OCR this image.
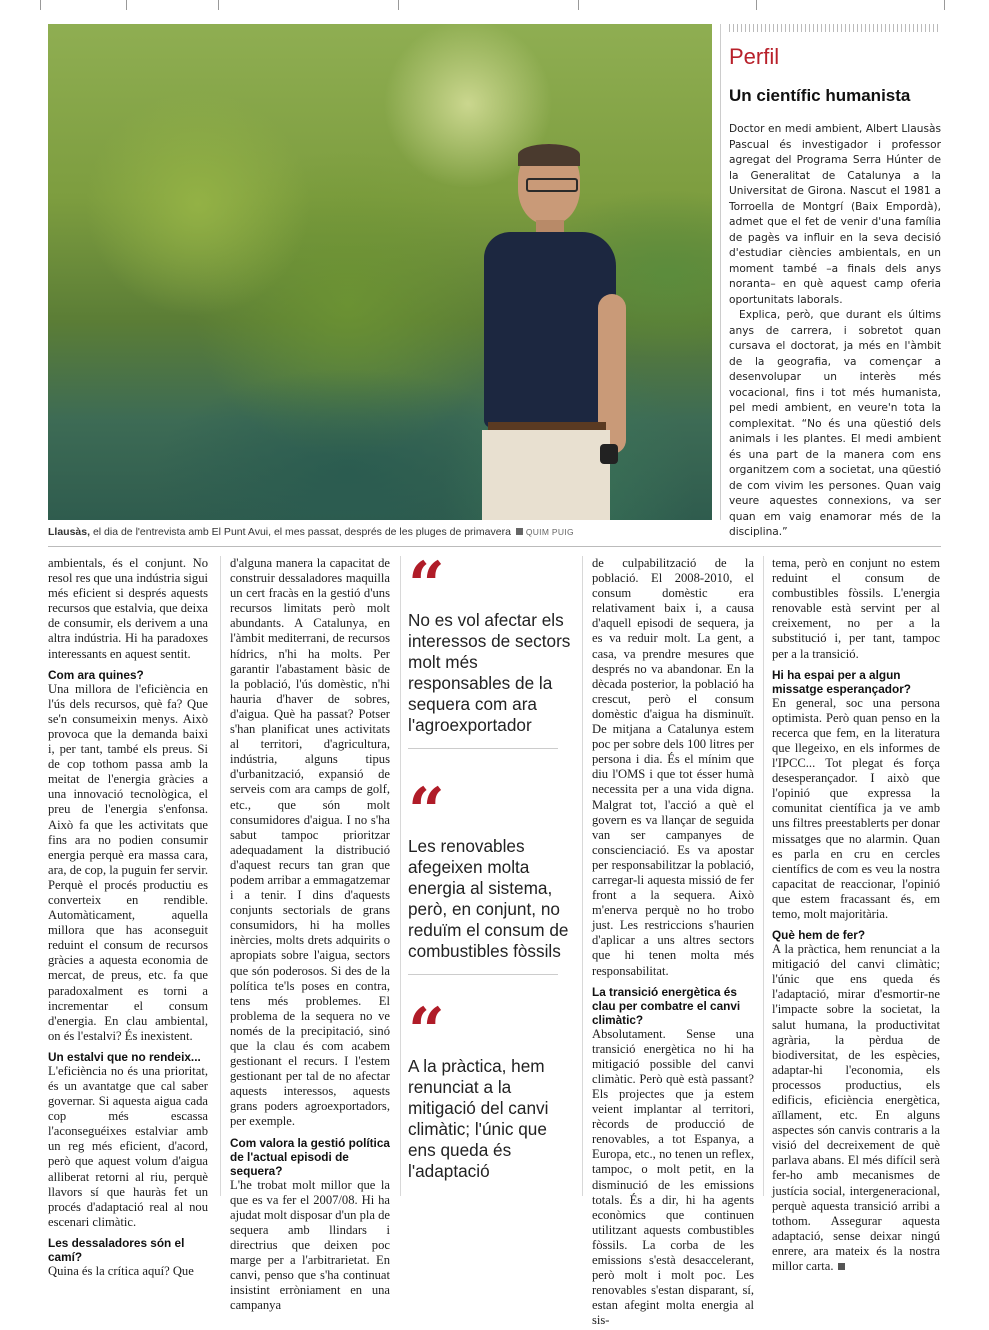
Llausàs, el dia de l'entrevista amb El Punt Avui, el mes passat, després de les pluges de primavera QUIM PUIG
Perfil
Un científic humanista

Doctor en medi ambient, Albert Llausàs Pascual és investigador i professor agregat del Programa Serra Húnter de la Generalitat de Catalunya a la Universitat de Girona. Nascut el 1981 a Torroella de Montgrí (Baix Empordà), admet que el fet de venir d'una família de pagès va influir en la seva decisió d'estudiar ciències ambientals, en un moment també –a finals dels anys noranta– en què aquest camp oferia oportunitats laborals.

Explica, però, que durant els últims anys de carrera, i sobretot quan cursava el doctorat, ja més en l'àmbit de la geografia, va començar a desenvolupar un interès més vocacional, fins i tot més humanista, pel medi ambient, en veure'n tota la complexitat. “No és una qüestió dels animals i les plantes. El medi ambient és una part de la manera com ens organitzem com a societat, una qüestió de com vivim les persones. Quan vaig veure aquestes connexions, va ser quan em vaig enamorar més de la disciplina.”

ambientals, és el conjunt. No resol res que una indústria sigui més eficient si després aquests recursos que estalvia, que deixa de consumir, els derivem a una altra indústria. Hi ha paradoxes interessants en aquest sentit.

Com ara quines?

Una millora de l'eficiència en l'ús dels recursos, què fa? Que se'n consumeixin menys. Això provoca que la demanda baixi i, per tant, també els preus. Si de cop tothom passa amb la meitat de l'energia gràcies a una innovació tecnològica, el preu de l'energia s'enfonsa. Això fa que les activitats que fins ara no podien consumir energia perquè era massa cara, ara, de cop, la puguin fer servir. Perquè el procés productiu es converteix en rendible. Automàticament, aquella millora que has aconseguit reduint el consum de recursos gràcies a aquesta economia de mercat, de preus, etc. fa que paradoxalment es torni a incrementar el consum d'energia. En clau ambiental, on és l'estalvi? És inexistent.

Un estalvi que no rendeix...

L'eficiència no és una prioritat, és un avantatge que cal saber governar. Si aquesta aigua cada cop més escassa l'aconseguéixes estalviar amb un reg més eficient, d'acord, però que aquest volum d'aigua alliberat retorni al riu, perquè llavors sí que hauràs fet un procés d'adaptació real al nou escenari climàtic.

Les dessaladores són el camí?

Quina és la crítica aquí? Que

d'alguna manera la capacitat de construir dessaladores maquilla un cert fracàs en la gestió d'uns recursos limitats però molt abundants. A Catalunya, en l'àmbit mediterrani, de recursos hídrics, n'hi ha molts. Per garantir l'abastament bàsic de la població, l'ús domèstic, n'hi hauria d'haver de sobres, d'aigua. Què ha passat? Potser s'han planificat unes activitats al territori, d'agricultura, indústria, alguns tipus d'urbanització, expansió de serveis com ara camps de golf, etc., que són molt consumidores d'aigua. I no s'ha sabut tampoc prioritzar adequadament la distribució d'aquest recurs tan gran que podem arribar a emmagatzemar i a tenir. I dins d'aquests conjunts sectorials de grans consumidors, hi ha molles inèrcies, molts drets adquirits o apropiats sobre l'aigua, sectors que són poderosos. Si des de la política te'ls poses en contra, tens més problemes. El problema de la sequera no ve només de la precipitació, sinó que la clau és com acabem gestionant el recurs. I l'estem gestionant per tal de no afectar aquests interessos, aquests grans poders agroexportadors, per exemple.

Com valora la gestió política de l'actual episodi de sequera?

L'he trobat molt millor que la que es va fer el 2007/08. Hi ha ajudat molt disposar d'un pla de sequera amb llindars i directrius que deixen poc marge per a l'arbitrarietat. En canvi, penso que s'ha continuat insistint erròniament en una campanya

“
No es vol afectar els interessos de sectors molt més responsables de la sequera com ara l'agroexportador
“
Les renovables afegeixen molta energia al sistema, però, en conjunt, no reduïm el consum de combustibles fòssils
“
A la pràctica, hem renunciat a la mitigació del canvi climàtic; l'únic que ens queda és l'adaptació

de culpabilització de la població. El 2008-2010, el consum domèstic era relativament baix i, a causa d'aquell episodi de sequera, ja es va reduir molt. La gent, a casa, va prendre mesures que després no va abandonar. En la dècada posterior, la població ha crescut, però el consum domèstic d'aigua ha disminuït. De mitjana a Catalunya estem poc per sobre dels 100 litres per persona i dia. És el mínim que diu l'OMS i que tot ésser humà necessita per a una vida digna. Malgrat tot, l'acció a què el govern es va llançar de seguida van ser campanyes de conscienciació. Es va apostar per responsabilitzar la població, carregar-li aquesta missió de fer front a la sequera. Això m'enerva perquè no ho trobo just. Les restriccions s'haurien d'aplicar a uns altres sectors que hi tenen molta més responsabilitat.

La transició energètica és clau per combatre el canvi climàtic?

Absolutament. Sense una transició energètica no hi ha mitigació possible del canvi climàtic. Però què està passant? Els projectes que ja estem veient implantar al territori, rècords de producció de renovables, a tot Espanya, a Europa, etc., no tenen un reflex, tampoc, o molt petit, en la disminució de les emissions totals. És a dir, hi ha agents econòmics que continuen utilitzant aquests combustibles fòssils. La corba de les emissions s'està desaccelerant, però molt i molt poc. Les renovables s'estan disparant, sí, estan afegint molta energia al sis-

tema, però en conjunt no estem reduint el consum de combustibles fòssils. L'energia renovable està servint per al creixement, no per a la substitució i, per tant, tampoc per a la transició.

Hi ha espai per a algun missatge esperançador?

En general, soc una persona optimista. Però quan penso en la recerca que fem, en la literatura que llegeixo, en els informes de l'IPCC... Tot plegat és força desesperançador. I això que l'opinió que expressa la comunitat científica ja ve amb uns filtres preestablerts per donar missatges que no alarmin. Quan es parla en cru en cercles científics de com es veu la nostra capacitat de reaccionar, l'opinió que estem fracassant és, em temo, molt majoritària.

Què hem de fer?

A la pràctica, hem renunciat a la mitigació del canvi climàtic; l'únic que ens queda és l'adaptació, mirar d'esmortir-ne l'impacte sobre la societat, la salut humana, la productivitat agrària, la pèrdua de biodiversitat, de les espècies, adaptar-hi l'economia, els processos productius, els edificis, eficiència energètica, aïllament, etc. En alguns aspectes són canvis contraris a la visió del decreixement de què parlava abans. El més difícil serà fer-ho amb mecanismes de justícia social, intergeneracional, perquè aquesta transició arribi a tothom. Assegurar aquesta adaptació, sense deixar ningú enrere, ara mateix és la nostra millor carta.
